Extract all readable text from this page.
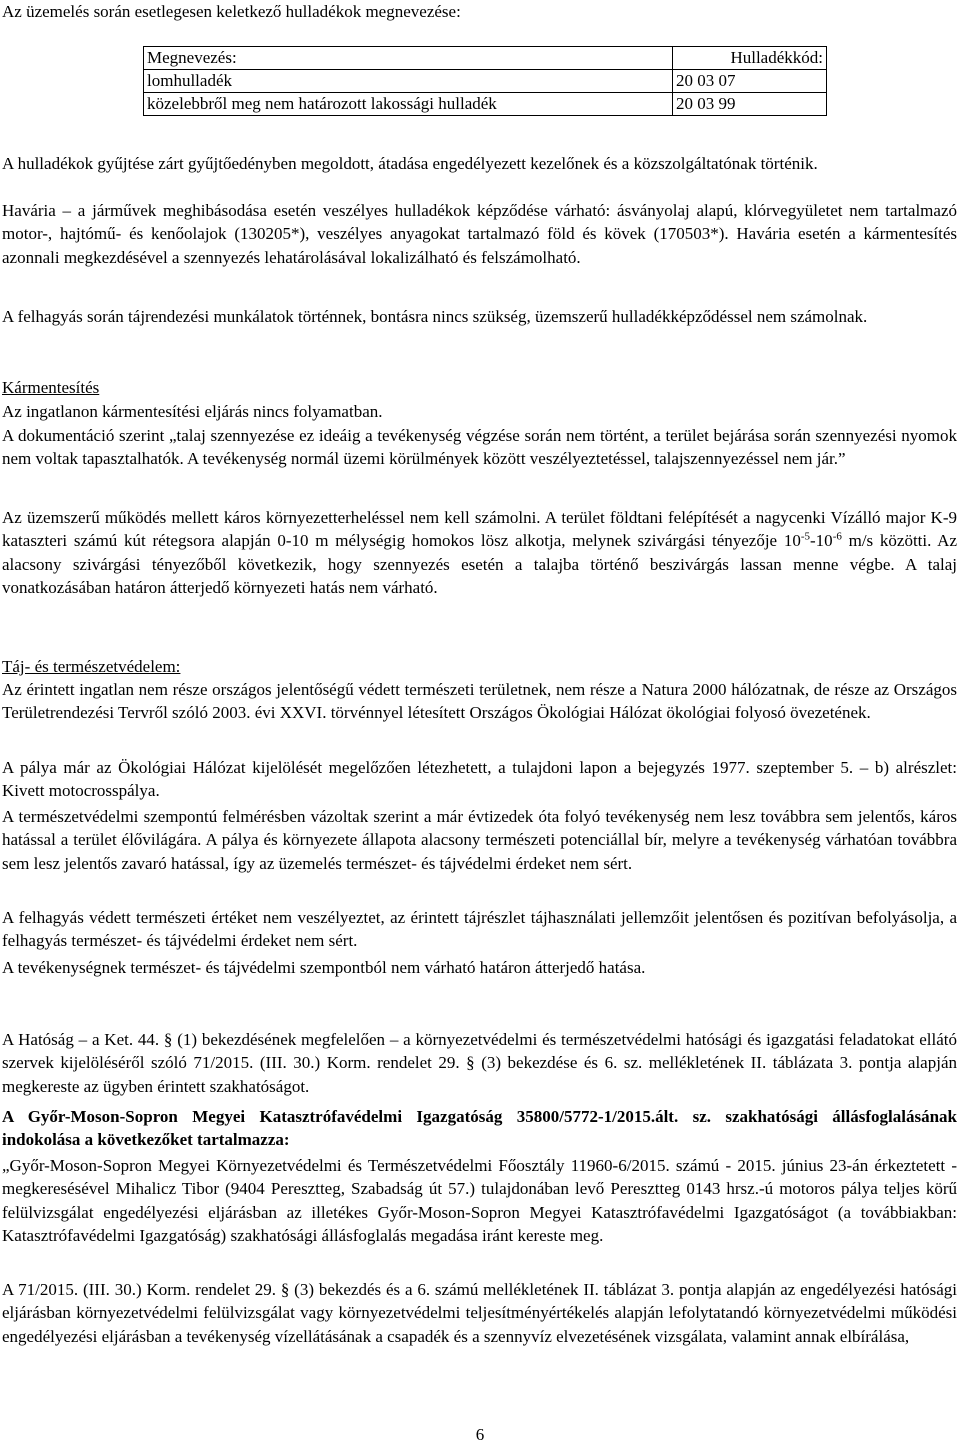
Az üzemelés során esetlegesen keletkező hulladékok megnevezése:

Megnevezés:	Hulladékkód:
lomhulladék	20 03 07
közelebbről meg nem határozott lakossági hulladék	20 03 99

A hulladékok gyűjtése zárt gyűjtőedényben megoldott, átadása engedélyezett kezelőnek és a közszolgáltatónak történik.

Havária – a járművek meghibásodása esetén veszélyes hulladékok képződése várható: ásványolaj alapú, klórvegyületet nem tartalmazó motor-, hajtómű- és kenőolajok (130205*), veszélyes anyagokat tartalmazó föld és kövek (170503*). Havária esetén a kármentesítés azonnali megkezdésével a szennyezés lehatárolásával lokalizálható és felszámolható.

A felhagyás során tájrendezési munkálatok történnek, bontásra nincs szükség, üzemszerű hulladékképződéssel nem számolnak.

Kármentesítés

Az ingatlanon kármentesítési eljárás nincs folyamatban.

A dokumentáció szerint „talaj szennyezése ez ideáig a tevékenység végzése során nem történt, a terület bejárása során szennyezési nyomok nem voltak tapasztalhatók. A tevékenység normál üzemi körülmények között veszélyeztetéssel, talajszennyezéssel nem jár.”

Az üzemszerű működés mellett káros környezetterheléssel nem kell számolni. A terület földtani felépítését a nagycenki Vízálló major K-9 kataszteri számú kút rétegsora alapján 0-10 m mélységig homokos lösz alkotja, melynek szivárgási tényezője $10^{-5}-10^{-6}$ m/s közötti. Az alacsony szivárgási tényezőből következik, hogy szennyezés esetén a talajba történő beszivárgás lassan menne végbe. A talaj vonatkozásában határon átterjedő környezeti hatás nem várható.

Táj- és természetvédelem:

Az érintett ingatlan nem része országos jelentőségű védett természeti területnek, nem része a Natura 2000 hálózatnak, de része az Országos Területrendezési Tervről szóló 2003. évi XXVI. törvénnyel létesített Országos Ökológiai Hálózat ökológiai folyosó övezetének.

A pálya már az Ökológiai Hálózat kijelölését megelőzően létezhetett, a tulajdoni lapon a bejegyzés 1977. szeptember 5. – b) alrészlet: Kivett motocrosspálya.

A természetvédelmi szempontú felmérésben vázoltak szerint a már évtizedek óta folyó tevékenység nem lesz továbbra sem jelentős, káros hatással a terület élővilágára. A pálya és környezete állapota alacsony természeti potenciállal bír, melyre a tevékenység várhatóan továbbra sem lesz jelentős zavaró hatással, így az üzemelés természet- és tájvédelmi érdeket nem sért.

A felhagyás védett természeti értéket nem veszélyeztet, az érintett tájrészlet tájhasználati jellemzőit jelentősen és pozitívan befolyásolja, a felhagyás természet- és tájvédelmi érdeket nem sért.

A tevékenységnek természet- és tájvédelmi szempontból nem várható határon átterjedő hatása.

A Hatóság – a Ket. 44. § (1) bekezdésének megfelelően – a környezetvédelmi és természetvédelmi hatósági és igazgatási feladatokat ellátó szervek kijelöléséről szóló 71/2015. (III. 30.) Korm. rendelet 29. § (3) bekezdése és 6. sz. mellékletének II. táblázata 3. pontja alapján megkereste az ügyben érintett szakhatóságot.

A Győr-Moson-Sopron Megyei Katasztrófavédelmi Igazgatóság 35800/5772-1/2015.ált. sz. szakhatósági állásfoglalásának indokolása a következőket tartalmazza:

„Győr-Moson-Sopron Megyei Környezetvédelmi és Természetvédelmi Főosztály 11960-6/2015. számú - 2015. június 23-án érkeztetett - megkeresésével Mihalicz Tibor (9404 Peresztteg, Szabadság út 57.) tulajdonában levő Peresztteg 0143 hrsz.-ú motoros pálya teljes körű felülvizsgálat engedélyezési eljárásban az illetékes Győr-Moson-Sopron Megyei Katasztrófavédelmi Igazgatóságot (a továbbiakban: Katasztrófavédelmi Igazgatóság) szakhatósági állásfoglalás megadása iránt kereste meg.

A 71/2015. (III. 30.) Korm. rendelet 29. § (3) bekezdés és a 6. számú mellékletének II. táblázat 3. pontja alapján az engedélyezési hatósági eljárásban környezetvédelmi felülvizsgálat vagy környezetvédelmi teljesítményértékelés alapján lefolytatandó környezetvédelmi működési engedélyezési eljárásban a tevékenység vízellátásának a csapadék és a szennyvíz elvezetésének vizsgálata, valamint annak elbírálása,

6
